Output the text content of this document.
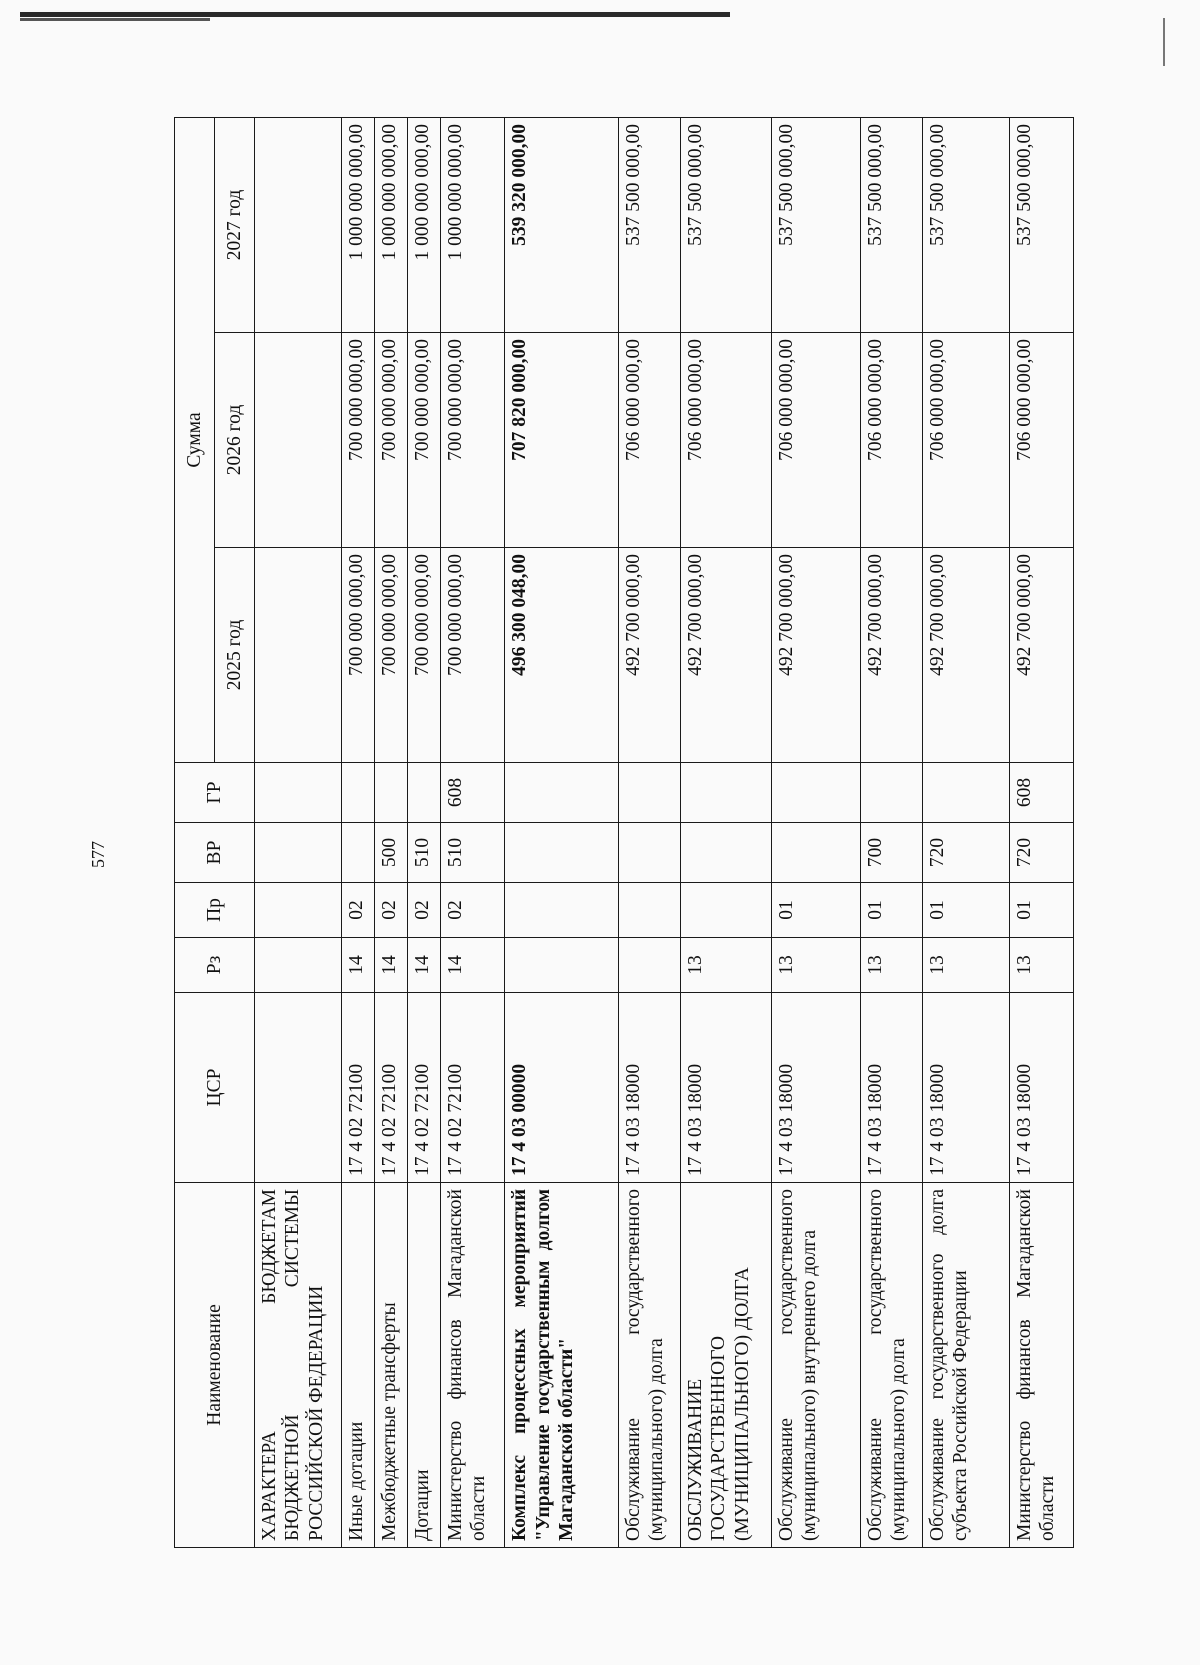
577
Наименование	ЦСР	Рз	Пр	ВР	ГР	Сумма		
						2025 год	2026 год	2027 год
ХАРАКТЕРА БЮДЖЕТАМ БЮДЖЕТНОЙ СИСТЕМЫ РОССИЙСКОЙ ФЕДЕРАЦИИ								
Иные дотации	17 4 02 72100	14	02			700 000 000,00	700 000 000,00	1 000 000 000,00
Межбюджетные трансферты	17 4 02 72100	14	02	500		700 000 000,00	700 000 000,00	1 000 000 000,00
Дотации	17 4 02 72100	14	02	510		700 000 000,00	700 000 000,00	1 000 000 000,00
Министерство финансов Магаданской области	17 4 02 72100	14	02	510	608	700 000 000,00	700 000 000,00	1 000 000 000,00
Комплекс процессных мероприятий "Управление государственным долгом Магаданской области"	17 4 03 00000					496 300 048,00	707 820 000,00	539 320 000,00
Обслуживание государственного (муниципального) долга	17 4 03 18000					492 700 000,00	706 000 000,00	537 500 000,00
ОБСЛУЖИВАНИЕ ГОСУДАРСТВЕННОГО (МУНИЦИПАЛЬНОГО) ДОЛГА	17 4 03 18000	13				492 700 000,00	706 000 000,00	537 500 000,00
Обслуживание государственного (муниципального) внутреннего долга	17 4 03 18000	13	01			492 700 000,00	706 000 000,00	537 500 000,00
Обслуживание государственного (муниципального) долга	17 4 03 18000	13	01	700		492 700 000,00	706 000 000,00	537 500 000,00
Обслуживание государственного долга субъекта Российской Федерации	17 4 03 18000	13	01	720		492 700 000,00	706 000 000,00	537 500 000,00
Министерство финансов Магаданской области	17 4 03 18000	13	01	720	608	492 700 000,00	706 000 000,00	537 500 000,00
